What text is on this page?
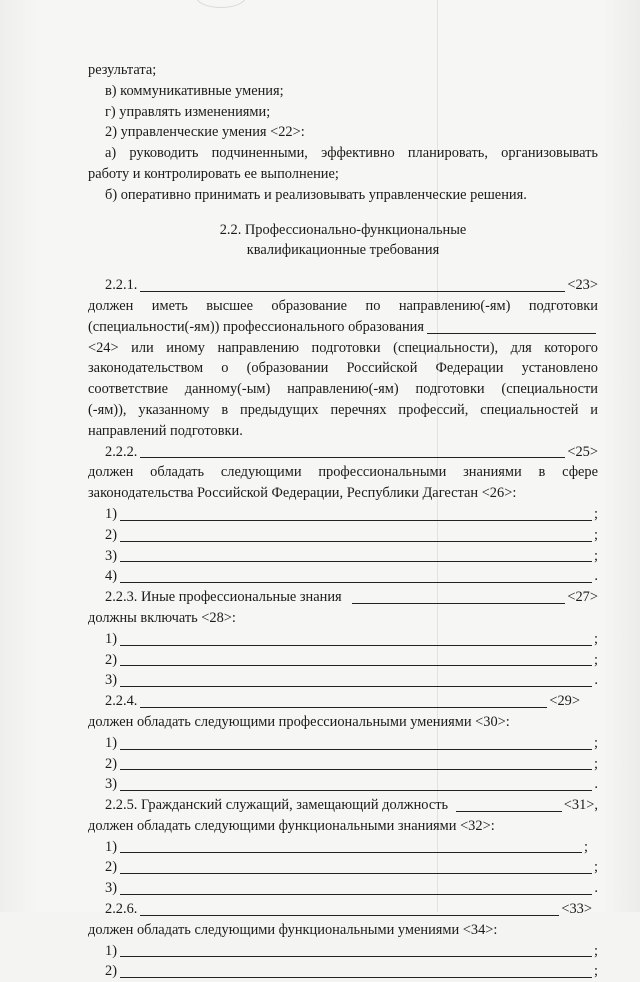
результата;
в) коммуникативные умения;
г) управлять изменениями;
2) управленческие умения <22>:
а) руководить подчиненными, эффективно планировать, организовывать
работу и контролировать ее выполнение;
б) оперативно принимать и реализовывать управленческие решения.
2.2. Профессионально-функциональные
квалификационные требования
2.2.1.	<23>
должен иметь высшее образование по направлению(-ям) подготовки
(специальности(-ям)) профессионального образования
<24> или иному направлению подготовки (специальности), для которого
законодательством о (образовании Российской Федерации установлено
соответствие данному(-ым) направлению(-ям) подготовки (специальности
(-ям)), указанному в предыдущих перечнях профессий, специальностей и
направлений подготовки.
2.2.2.	<25>
должен обладать следующими профессиональными знаниями в сфере
законодательства Российской Федерации, Республики Дагестан <26>:
1)	;
2)	;
3)	;
4)	.
2.2.3. Иные профессиональные знания	<27>
должны включать <28>:
1)	;
2)	;
3)	.
2.2.4.	<29>
должен обладать следующими профессиональными умениями <30>:
1)	;
2)	;
3)	.
2.2.5. Гражданский служащий, замещающий должность	<31>,
должен обладать следующими функциональными знаниями <32>:
1)	;
2)	;
3)	.
2.2.6.	<33>
должен обладать следующими функциональными умениями <34>:
1)	;
2)	;
